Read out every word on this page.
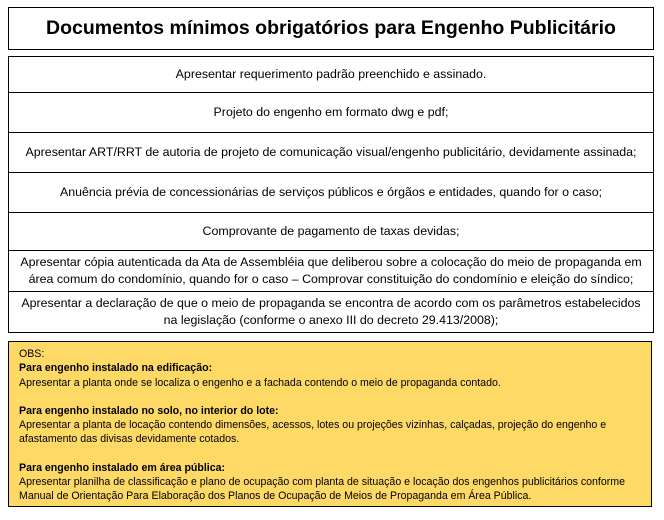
Documentos mínimos obrigatórios para Engenho Publicitário
Apresentar requerimento padrão preenchido e assinado.
Projeto do engenho em formato dwg e pdf;
Apresentar ART/RRT de autoria de projeto de comunicação visual/engenho publicitário, devidamente assinada;
Anuência prévia de concessionárias de serviços públicos e órgãos e entidades, quando for o caso;
Comprovante de pagamento de taxas devidas;
Apresentar cópia autenticada da Ata de Assembléia que deliberou sobre a colocação do meio de propaganda em área comum do condomínio, quando for o caso – Comprovar constituição do condomínio e eleição do síndico;
Apresentar a declaração de que o meio de propaganda se encontra de acordo com os parâmetros estabelecidos na legislação (conforme o anexo III do decreto 29.413/2008);
OBS:
Para engenho instalado na edificação:
Apresentar a planta onde se localiza o engenho e a fachada contendo o meio de propaganda contado.
Para engenho instalado no solo, no interior do lote:
Apresentar a planta de locação contendo dimensões, acessos, lotes ou projeções vizinhas, calçadas, projeção do engenho e afastamento das divisas devidamente cotados.
Para engenho instalado em área pública:
Apresentar planilha de classificação e plano de ocupação com planta de situação e locação dos engenhos publicitários conforme Manual de Orientação Para Elaboração dos Planos de Ocupação de Meios de Propaganda em Área Pública.
